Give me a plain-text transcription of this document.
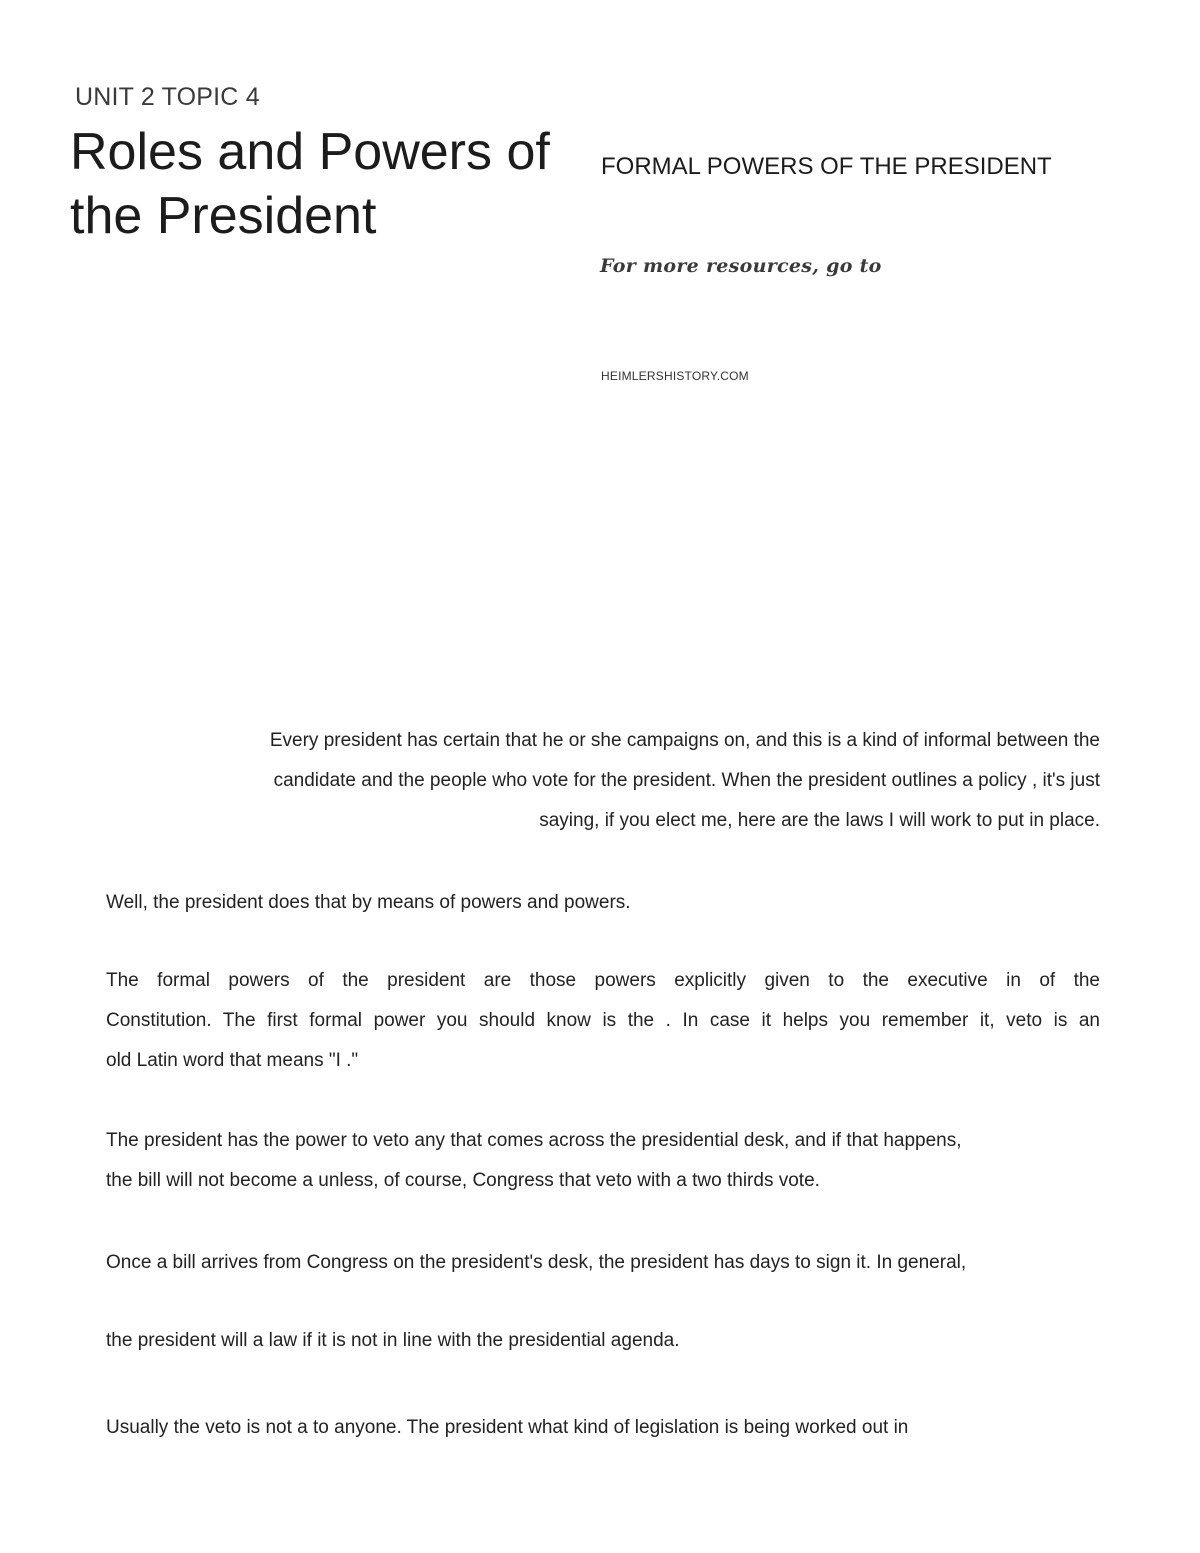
UNIT 2 TOPIC 4
Roles and Powers of the President
FORMAL POWERS OF THE PRESIDENT
For more resources, go to
HEIMLERSHISTORY.COM
Every president has certain that he or she campaigns on, and this is a kind of informal between the
candidate and the people who vote for the president. When the president outlines a policy , it's just
saying, if you elect me, here are the laws I will work to put in place.
Well, the president does that by means of powers and powers.
The formal powers of the president are those powers explicitly given to the executive in of the
Constitution. The first formal power you should know is the . In case it helps you remember it, veto is an
old Latin word that means "I ."
The president has the power to veto any that comes across the presidential desk, and if that happens,
the bill will not become a unless, of course, Congress that veto with a two thirds vote.
Once a bill arrives from Congress on the president's desk, the president has days to sign it. In general,
the president will a law if it is not in line with the presidential agenda.
Usually the veto is not a to anyone. The president what kind of legislation is being worked out in
